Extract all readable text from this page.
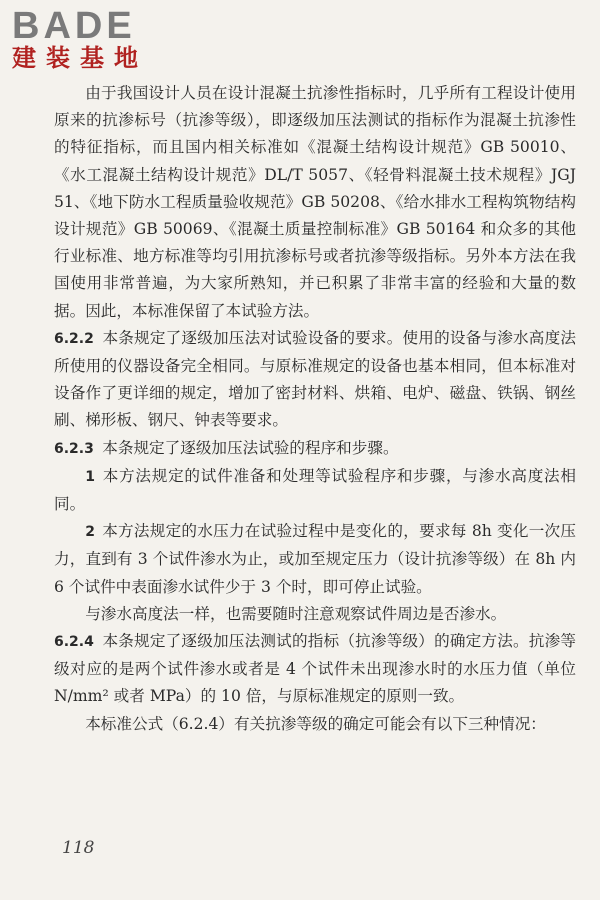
BADE
建装基地

由于我国设计人员在设计混凝土抗渗性指标时，几乎所有工程设计使用原来的抗渗标号（抗渗等级），即逐级加压法测试的指标作为混凝土抗渗性的特征指标，而且国内相关标准如《混凝土结构设计规范》GB 50010、《水工混凝土结构设计规范》DL/T 5057、《轻骨料混凝土技术规程》JGJ 51、《地下防水工程质量验收规范》GB 50208、《给水排水工程构筑物结构设计规范》GB 50069、《混凝土质量控制标准》GB 50164 和众多的其他行业标准、地方标准等均引用抗渗标号或者抗渗等级指标。另外本方法在我国使用非常普遍，为大家所熟知，并已积累了非常丰富的经验和大量的数据。因此，本标准保留了本试验方法。

6.2.2 本条规定了逐级加压法对试验设备的要求。使用的设备与渗水高度法所使用的仪器设备完全相同。与原标准规定的设备也基本相同，但本标准对设备作了更详细的规定，增加了密封材料、烘箱、电炉、磁盘、铁锅、钢丝刷、梯形板、钢尺、钟表等要求。

6.2.3 本条规定了逐级加压法试验的程序和步骤。

1 本方法规定的试件准备和处理等试验程序和步骤，与渗水高度法相同。

2 本方法规定的水压力在试验过程中是变化的，要求每 8h 变化一次压力，直到有 3 个试件渗水为止，或加至规定压力（设计抗渗等级）在 8h 内 6 个试件中表面渗水试件少于 3 个时，即可停止试验。

与渗水高度法一样，也需要随时注意观察试件周边是否渗水。

6.2.4 本条规定了逐级加压法测试的指标（抗渗等级）的确定方法。抗渗等级对应的是两个试件渗水或者是 4 个试件未出现渗水时的水压力值（单位 N/mm² 或者 MPa）的 10 倍，与原标准规定的原则一致。

本标准公式（6.2.4）有关抗渗等级的确定可能会有以下三种情况：

118
